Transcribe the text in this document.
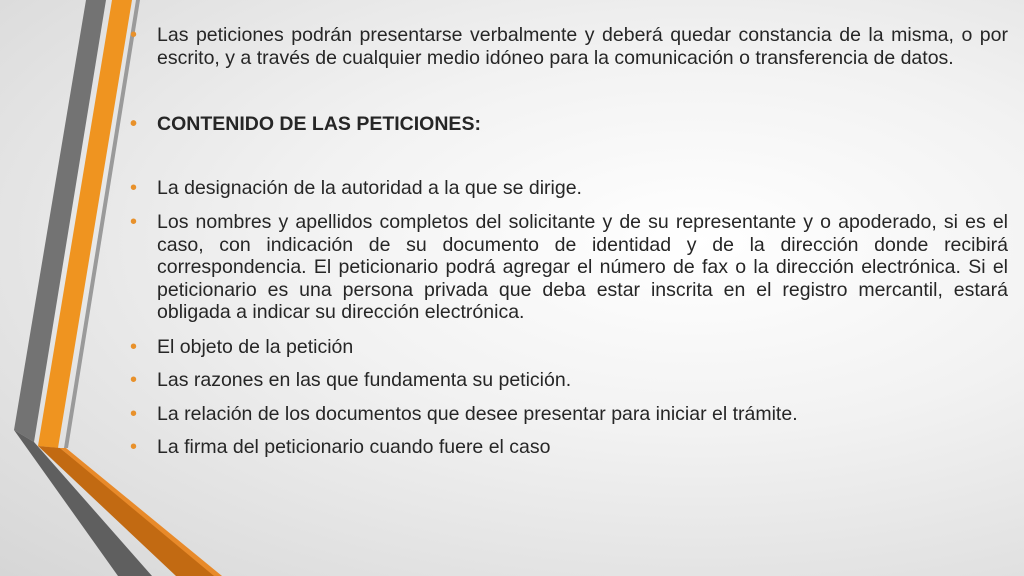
• Las peticiones podrán presentarse verbalmente y deberá quedar constancia de la misma, o por escrito, y a través de cualquier medio idóneo para la comunicación o transferencia de datos.
• CONTENIDO DE LAS PETICIONES:
• La designación de la autoridad a la que se dirige.
• Los nombres y apellidos completos del solicitante y de su representante y o apoderado, si es el caso, con indicación de su documento de identidad y de la dirección donde recibirá correspondencia. El peticionario podrá agregar el número de fax o la dirección electrónica. Si el peticionario es una persona privada que deba estar inscrita en el registro mercantil, estará obligada a indicar su dirección electrónica.
• El objeto de la petición
• Las razones en las que fundamenta su petición.
• La relación de los documentos que desee presentar para iniciar el trámite.
• La firma del peticionario cuando fuere el caso
